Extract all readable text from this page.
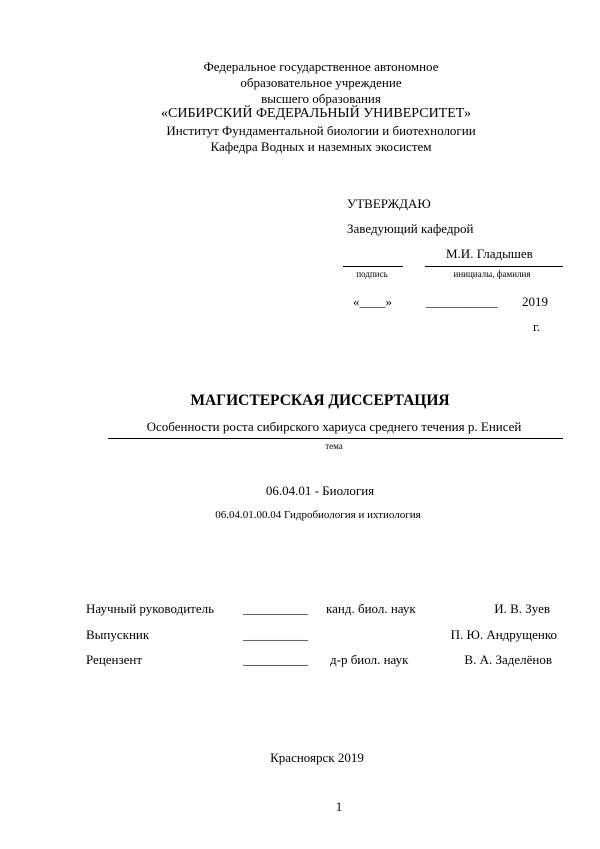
Федеральное государственное автономное
образовательное учреждение
высшего образования
«СИБИРСКИЙ ФЕДЕРАЛЬНЫЙ УНИВЕРСИТЕТ»
Институт Фундаментальной биологии и биотехнологии
Кафедра Водных и наземных экосистем
УТВЕРЖДАЮ
Заведующий кафедрой
М.И. Гладышев
подпись	инициалы, фамилия
«____»	___________ 2019
г.
МАГИСТЕРСКАЯ ДИССЕРТАЦИЯ
Особенности роста сибирского хариуса среднего течения р. Енисей
тема
06.04.01 - Биология
06.04.01.00.04 Гидробиология и ихтиология
Научный руководитель __________ канд. биол. наук	И. В. Зуев
Выпускник	__________	П. Ю. Андрущенко
Рецензент	__________ д-р биол. наук	В. А. Заделёнов
Красноярск 2019
1
